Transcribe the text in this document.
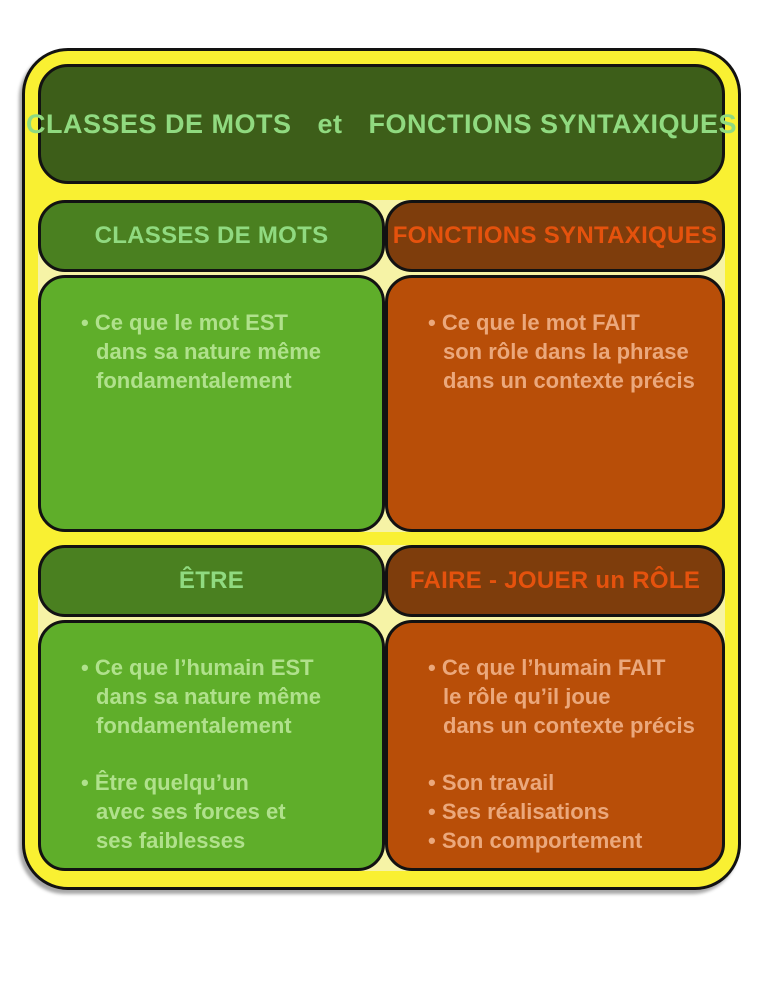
CLASSES DE MOTS et FONCTIONS SYNTAXIQUES
CLASSES DE MOTS
• Ce que le mot EST
dans sa nature même
fondamentalement
FONCTIONS SYNTAXIQUES
• Ce que le mot FAIT
son rôle dans la phrase
dans un contexte précis
ÊTRE
• Ce que l’humain EST
dans sa nature même
fondamentalement
• Être quelqu’un
avec ses forces et
ses faiblesses
FAIRE - JOUER un RÔLE
• Ce que l’humain FAIT
le rôle qu’il joue
dans un contexte précis
• Son travail
• Ses réalisations
• Son comportement
